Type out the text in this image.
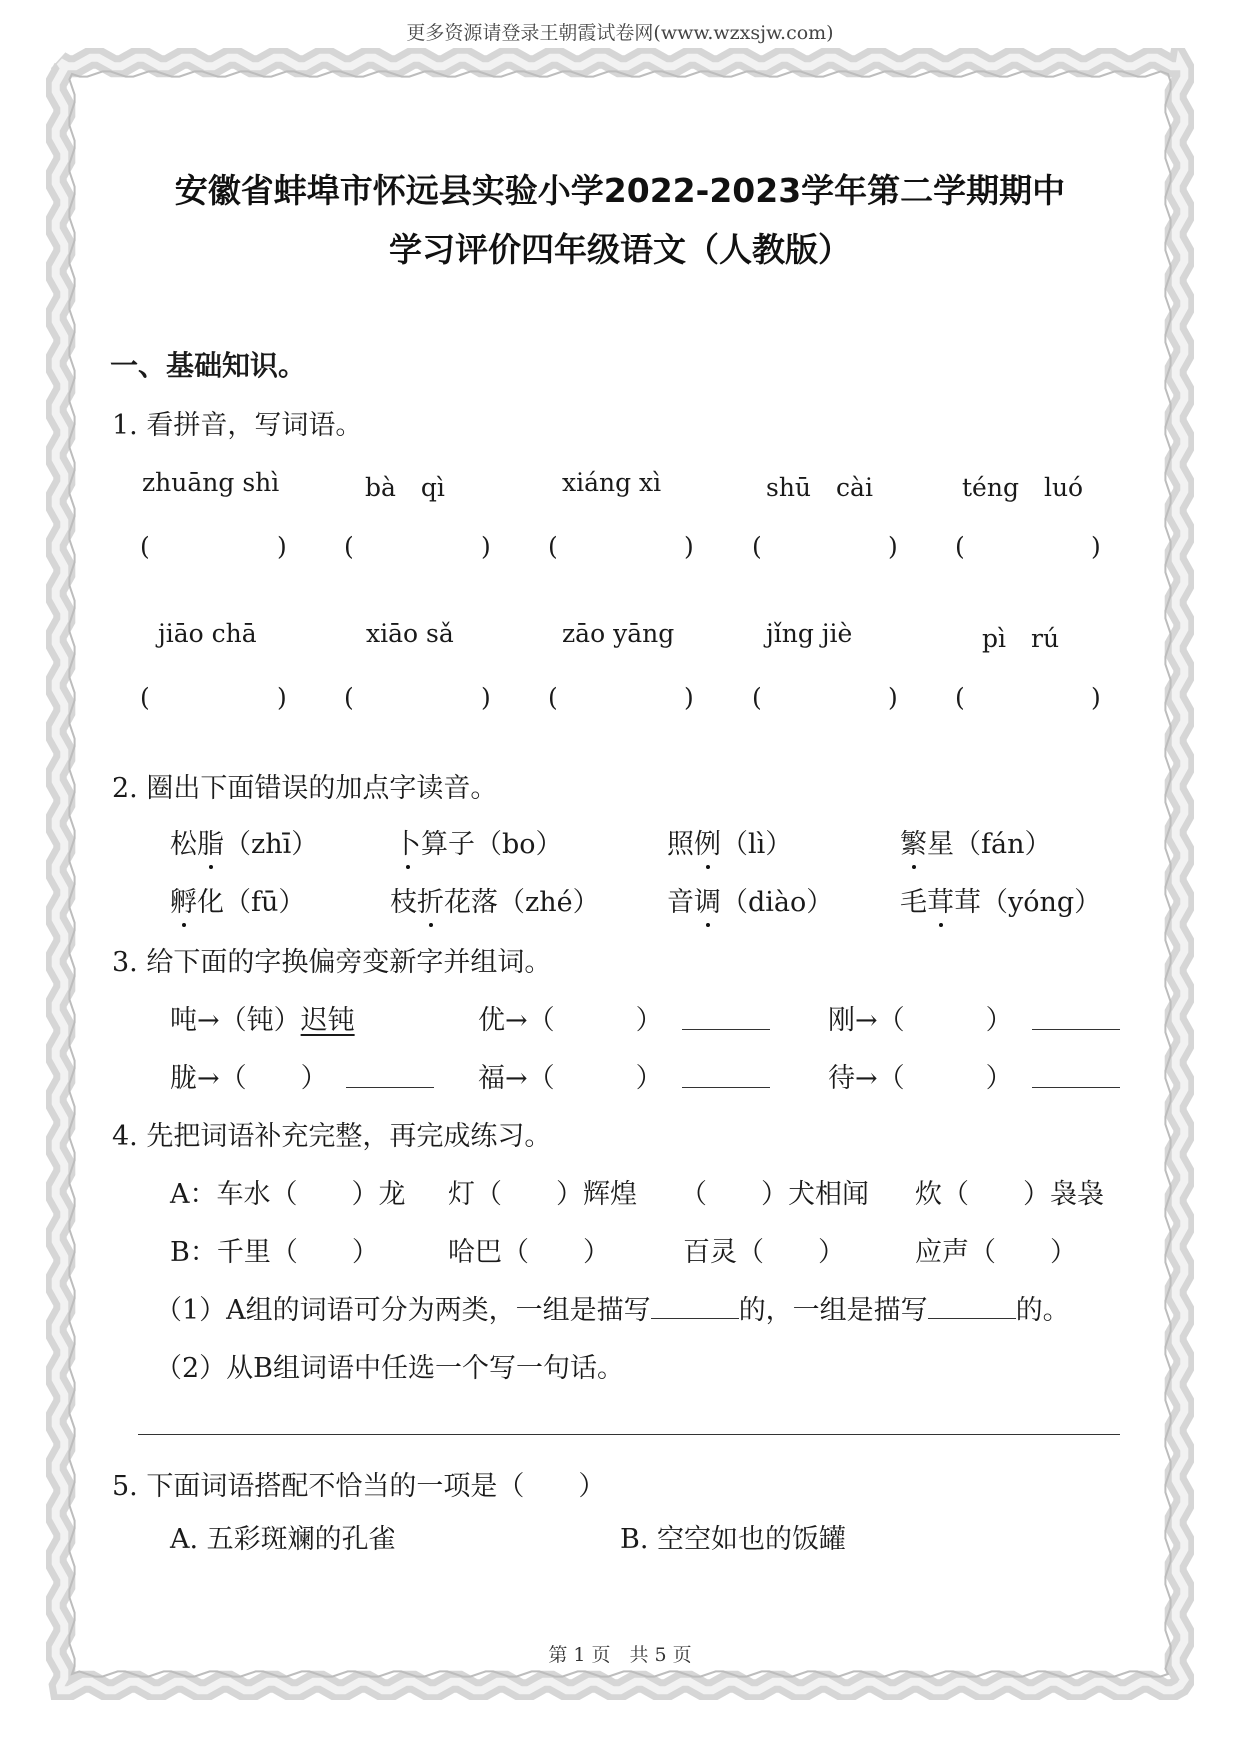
更多资源请登录王朝霞试卷网(www.wzxsjw.com)
安徽省蚌埠市怀远县实验小学2022-2023学年第二学期期中
学习评价四年级语文（人教版）
一、基础知识。
1. 看拼音，写词语。
zhuāng shì	bà　qì	xiáng xì	shū　cài	téng　luó
(	) (	) (	) (	) (	)
jiāo chā	xiāo sǎ	zāo yāng	jǐng jiè	pì　rú
(	) (	) (	) (	) (	)
2. 圈出下面错误的加点字读音。
松脂（zhī）	卜算子（bo）	照例（lì）	繁星（fán）
孵化（fū）	枝折花落（zhé） 音调（diào） 毛茸茸（yóng）
3. 给下面的字换偏旁变新字并组词。
吨→（钝）迟钝	优→（　　　）	刚→（　　　）
胧→（　　）	福→（　　　）	待→（　　　）
4. 先把词语补充完整，再完成练习。
A：车水（　　）龙 灯（　　）辉煌 （　　）犬相闻 炊（　　）袅袅
B：千里（　　）	哈巴（　　）	百灵（　　）	应声（　　）
（1）A组的词语可分为两类，一组是描写	的，一组是描写	的。
（2）从B组词语中任选一个写一句话。
5. 下面词语搭配不恰当的一项是（　　）
A. 五彩斑斓的孔雀	B. 空空如也的饭罐
第 1 页　共 5 页
